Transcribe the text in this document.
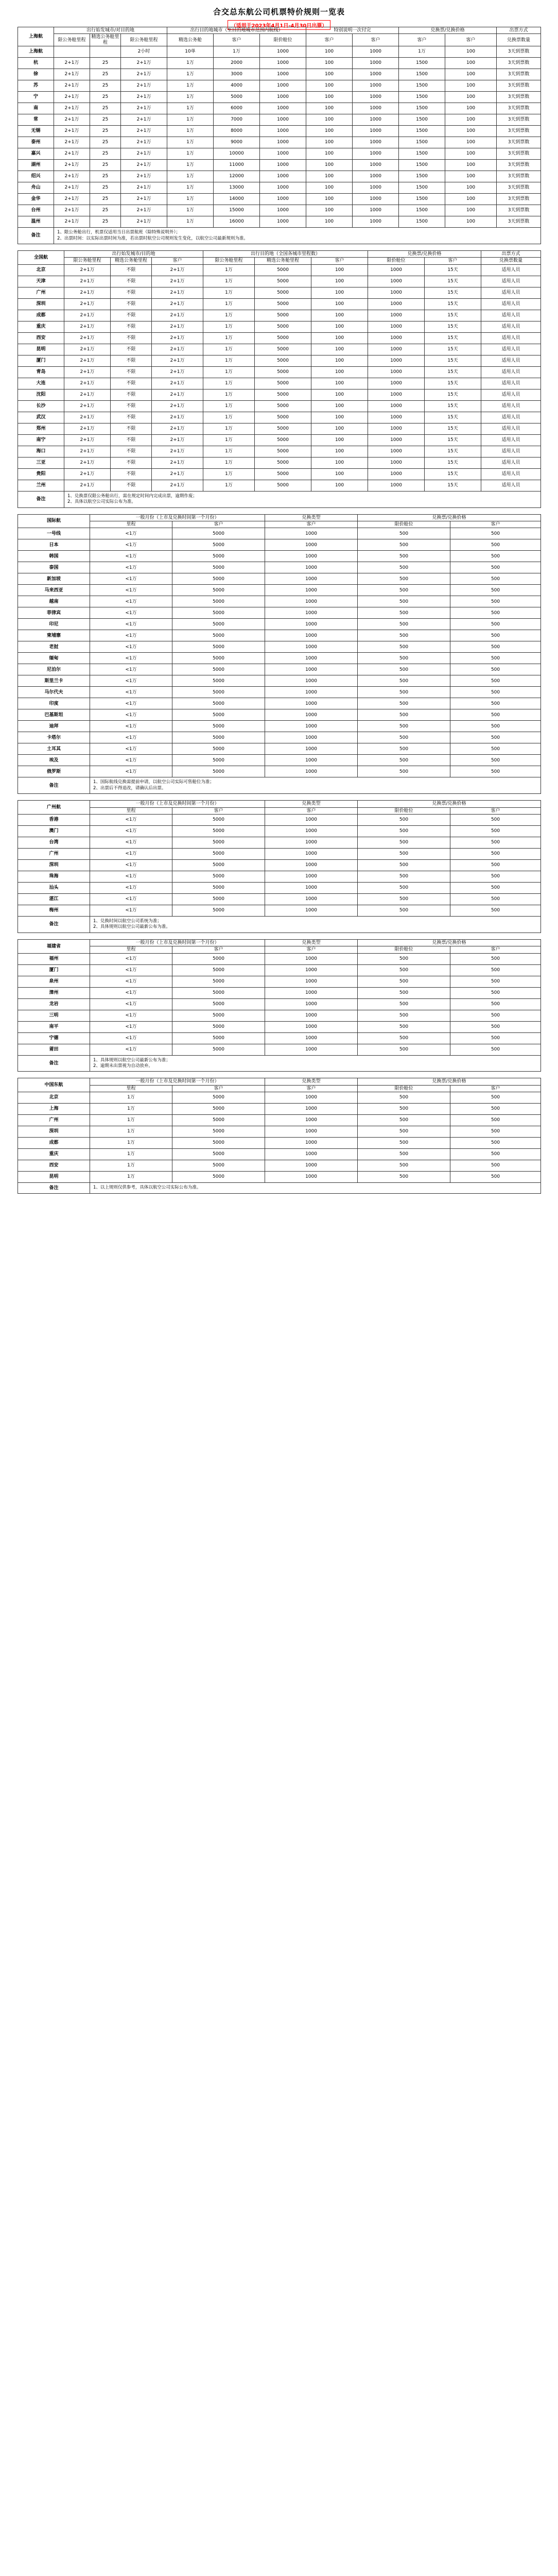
合交总东航公司机票特价规则一览表
（适用于2023年4月1日-4月30日出票）
上海航	出行始发城市/对目的地			出行目的地城市（至目的地城市范围内航线）			特别说明一次付完		兑换票/兑换价格		出票方式
	限公务舱里程	精选公务舱里程	限公务舱里程	精选公务舱	客户	限价舱位	客户	客户	客户	客户	兑换票数量
上海航			2小时	10单	1万	1000	100	1000	1万	100	3天到票数
杭	2+1万	25	2+1万	1万	2000	1000	100	1000	1500	100	3天到票数
徐	2+1万	25	2+1万	1万	3000	1000	100	1000	1500	100	3天到票数
苏	2+1万	25	2+1万	1万	4000	1000	100	1000	1500	100	3天到票数
宁	2+1万	25	2+1万	1万	5000	1000	100	1000	1500	100	3天到票数
南	2+1万	25	2+1万	1万	6000	1000	100	1000	1500	100	3天到票数
常	2+1万	25	2+1万	1万	7000	1000	100	1000	1500	100	3天到票数
无锡	2+1万	25	2+1万	1万	8000	1000	100	1000	1500	100	3天到票数
泰州	2+1万	25	2+1万	1万	9000	1000	100	1000	1500	100	3天到票数
嘉兴	2+1万	25	2+1万	1万	10000	1000	100	1000	1500	100	3天到票数
湖州	2+1万	25	2+1万	1万	11000	1000	100	1000	1500	100	3天到票数
绍兴	2+1万	25	2+1万	1万	12000	1000	100	1000	1500	100	3天到票数
舟山	2+1万	25	2+1万	1万	13000	1000	100	1000	1500	100	3天到票数
金华	2+1万	25	2+1万	1万	14000	1000	100	1000	1500	100	3天到票数
台州	2+1万	25	2+1万	1万	15000	1000	100	1000	1500	100	3天到票数
温州	2+1万	25	2+1万	1万	16000	1000	100	1000	1500	100	3天到票数
备注	1、限公务舱出行，机票仅适用当日出票航班（除特殊说明外）；
2、出票时间：以实际出票时间为准，若出票时航空公司规则发生变化，以航空公司最新规则为准。										
全国航	出行始发城市/目的地			出行目的地（全国各城市里程数）			兑换票/兑换价格		出票方式
	限公务舱里程	精选公务舱里程	客户	限公务舱里程	精选公务舱里程	客户	限价舱位	客户	兑换票数量
北京	2+1万	不限	2+1万	1万	5000	100	1000	15天	适用人员
天津	2+1万	不限	2+1万	1万	5000	100	1000	15天	适用人员
广州	2+1万	不限	2+1万	1万	5000	100	1000	15天	适用人员
深圳	2+1万	不限	2+1万	1万	5000	100	1000	15天	适用人员
成都	2+1万	不限	2+1万	1万	5000	100	1000	15天	适用人员
重庆	2+1万	不限	2+1万	1万	5000	100	1000	15天	适用人员
西安	2+1万	不限	2+1万	1万	5000	100	1000	15天	适用人员
昆明	2+1万	不限	2+1万	1万	5000	100	1000	15天	适用人员
厦门	2+1万	不限	2+1万	1万	5000	100	1000	15天	适用人员
青岛	2+1万	不限	2+1万	1万	5000	100	1000	15天	适用人员
大连	2+1万	不限	2+1万	1万	5000	100	1000	15天	适用人员
沈阳	2+1万	不限	2+1万	1万	5000	100	1000	15天	适用人员
长沙	2+1万	不限	2+1万	1万	5000	100	1000	15天	适用人员
武汉	2+1万	不限	2+1万	1万	5000	100	1000	15天	适用人员
郑州	2+1万	不限	2+1万	1万	5000	100	1000	15天	适用人员
南宁	2+1万	不限	2+1万	1万	5000	100	1000	15天	适用人员
海口	2+1万	不限	2+1万	1万	5000	100	1000	15天	适用人员
三亚	2+1万	不限	2+1万	1万	5000	100	1000	15天	适用人员
贵阳	2+1万	不限	2+1万	1万	5000	100	1000	15天	适用人员
兰州	2+1万	不限	2+1万	1万	5000	100	1000	15天	适用人员
备注	1、兑换票仅限公务舱出行，需在规定时间内完成出票，逾期作废；
2、具体以航空公司实际公布为准。								
国际航	一般月份（上市及兑换时间第一个月份）		兑换类型	兑换票/兑换价格	
	里程	客户	客户	限价舱位	客户
一号线	<1万	5000	1000	500	500
日本	<1万	5000	1000	500	500
韩国	<1万	5000	1000	500	500
泰国	<1万	5000	1000	500	500
新加坡	<1万	5000	1000	500	500
马来西亚	<1万	5000	1000	500	500
越南	<1万	5000	1000	500	500
菲律宾	<1万	5000	1000	500	500
印尼	<1万	5000	1000	500	500
柬埔寨	<1万	5000	1000	500	500
老挝	<1万	5000	1000	500	500
缅甸	<1万	5000	1000	500	500
尼泊尔	<1万	5000	1000	500	500
斯里兰卡	<1万	5000	1000	500	500
马尔代夫	<1万	5000	1000	500	500
印度	<1万	5000	1000	500	500
巴基斯坦	<1万	5000	1000	500	500
迪拜	<1万	5000	1000	500	500
卡塔尔	<1万	5000	1000	500	500
土耳其	<1万	5000	1000	500	500
埃及	<1万	5000	1000	500	500
俄罗斯	<1万	5000	1000	500	500
备注	1、国际航线兑换需提前申请，以航空公司实际可售舱位为准；
2、出票后不得退改，请确认后出票。				
广州航	一般月份（上市及兑换时间第一个月份）		兑换类型	兑换票/兑换价格	
	里程	客户	客户	限价舱位	客户
香港	<1万	5000	1000	500	500
澳门	<1万	5000	1000	500	500
台湾	<1万	5000	1000	500	500
广州	<1万	5000	1000	500	500
深圳	<1万	5000	1000	500	500
珠海	<1万	5000	1000	500	500
汕头	<1万	5000	1000	500	500
湛江	<1万	5000	1000	500	500
梅州	<1万	5000	1000	500	500
备注	1、兑换时间以航空公司系统为准；
2、具体规则以航空公司最新公布为准。				
福建省	一般月份（上市及兑换时间第一个月份）		兑换类型	兑换票/兑换价格	
	里程	客户	客户	限价舱位	客户
福州	<1万	5000	1000	500	500
厦门	<1万	5000	1000	500	500
泉州	<1万	5000	1000	500	500
漳州	<1万	5000	1000	500	500
龙岩	<1万	5000	1000	500	500
三明	<1万	5000	1000	500	500
南平	<1万	5000	1000	500	500
宁德	<1万	5000	1000	500	500
莆田	<1万	5000	1000	500	500
备注	1、具体规则以航空公司最新公布为准；
2、逾期未出票视为自动放弃。				
中国东航	一般月份（上市及兑换时间第一个月份）		兑换类型	兑换票/兑换价格	
	里程	客户	客户	限价舱位	客户
北京	1万	5000	1000	500	500
上海	1万	5000	1000	500	500
广州	1万	5000	1000	500	500
深圳	1万	5000	1000	500	500
成都	1万	5000	1000	500	500
重庆	1万	5000	1000	500	500
西安	1万	5000	1000	500	500
昆明	1万	5000	1000	500	500
备注	1、以上规则仅供参考，具体以航空公司实际公布为准。				
